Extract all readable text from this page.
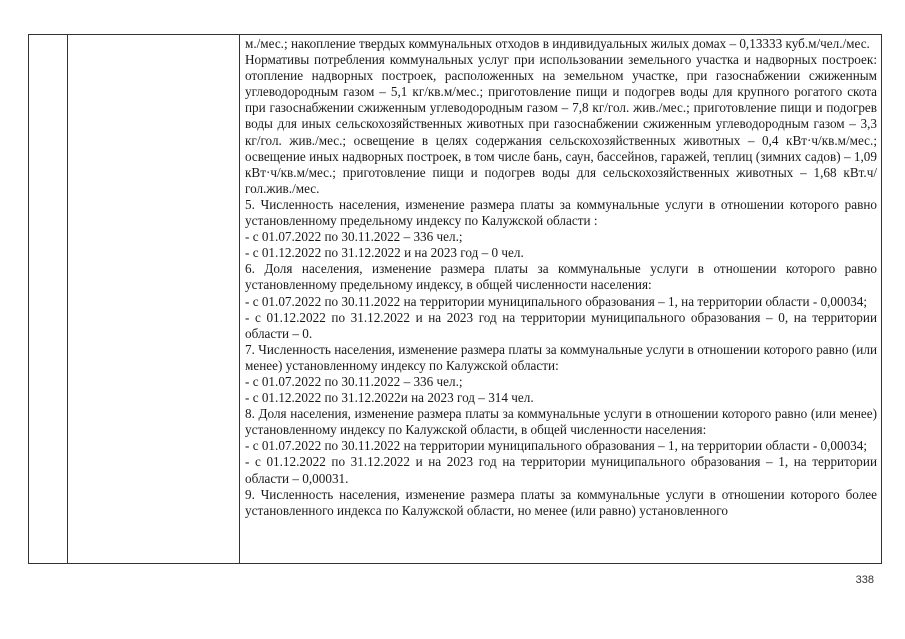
м./мес.; накопление твердых коммунальных отходов в индивидуальных жилых домах – 0,13333 куб.м/чел./мес.

Нормативы потребления коммунальных услуг при использовании земельного участка и надворных построек: отопление надворных построек, расположенных на земельном участке, при газоснабжении сжиженным углеводородным газом – 5,1 кг/кв.м/мес.; приготовление пищи и подогрев воды для крупного рогатого скота при газоснабжении сжиженным углеводородным газом – 7,8 кг/гол. жив./мес.; приготовление пищи и подогрев воды для иных сельскохозяйственных животных при газоснабжении сжиженным углеводородным газом – 3,3 кг/гол. жив./мес.; освещение в целях содержания сельскохозяйственных животных – 0,4 кВт·ч/кв.м/мес.; освещение иных надворных построек, в том числе бань, саун, бассейнов, гаражей, теплиц (зимних садов) – 1,09 кВт·ч/кв.м/мес.; приготовление пищи и подогрев воды для сельскохозяйственных животных – 1,68 кВт.ч/гол.жив./мес.

5. Численность населения, изменение размера платы за коммунальные услуги в отношении которого равно установленному предельному индексу по Калужской области :

- с 01.07.2022 по 30.11.2022 – 336 чел.;

- с 01.12.2022 по 31.12.2022 и на 2023 год – 0 чел.

6. Доля населения, изменение размера платы за коммунальные услуги в отношении которого равно установленному предельному индексу, в общей численности населения:

- с 01.07.2022 по 30.11.2022 на территории муниципального образования – 1, на территории области - 0,00034;

- с 01.12.2022 по 31.12.2022 и на 2023 год на территории муниципального образования – 0, на территории области – 0.

7. Численность населения, изменение размера платы за коммунальные услуги в отношении которого равно (или менее) установленному индексу по Калужской области:

- с 01.07.2022 по 30.11.2022 – 336 чел.;

- с 01.12.2022 по 31.12.2022и на 2023 год – 314 чел.

8. Доля населения, изменение размера платы за коммунальные услуги в отношении которого равно (или менее) установленному индексу по Калужской области, в общей численности населения:

- с 01.07.2022 по 30.11.2022 на территории муниципального образования – 1, на территории области - 0,00034;

- с 01.12.2022 по 31.12.2022 и на 2023 год на территории муниципального образования – 1, на территории области – 0,00031.

9. Численность населения, изменение размера платы за коммунальные услуги в отношении которого более установленного индекса по Калужской области, но менее (или равно) установленного

338
